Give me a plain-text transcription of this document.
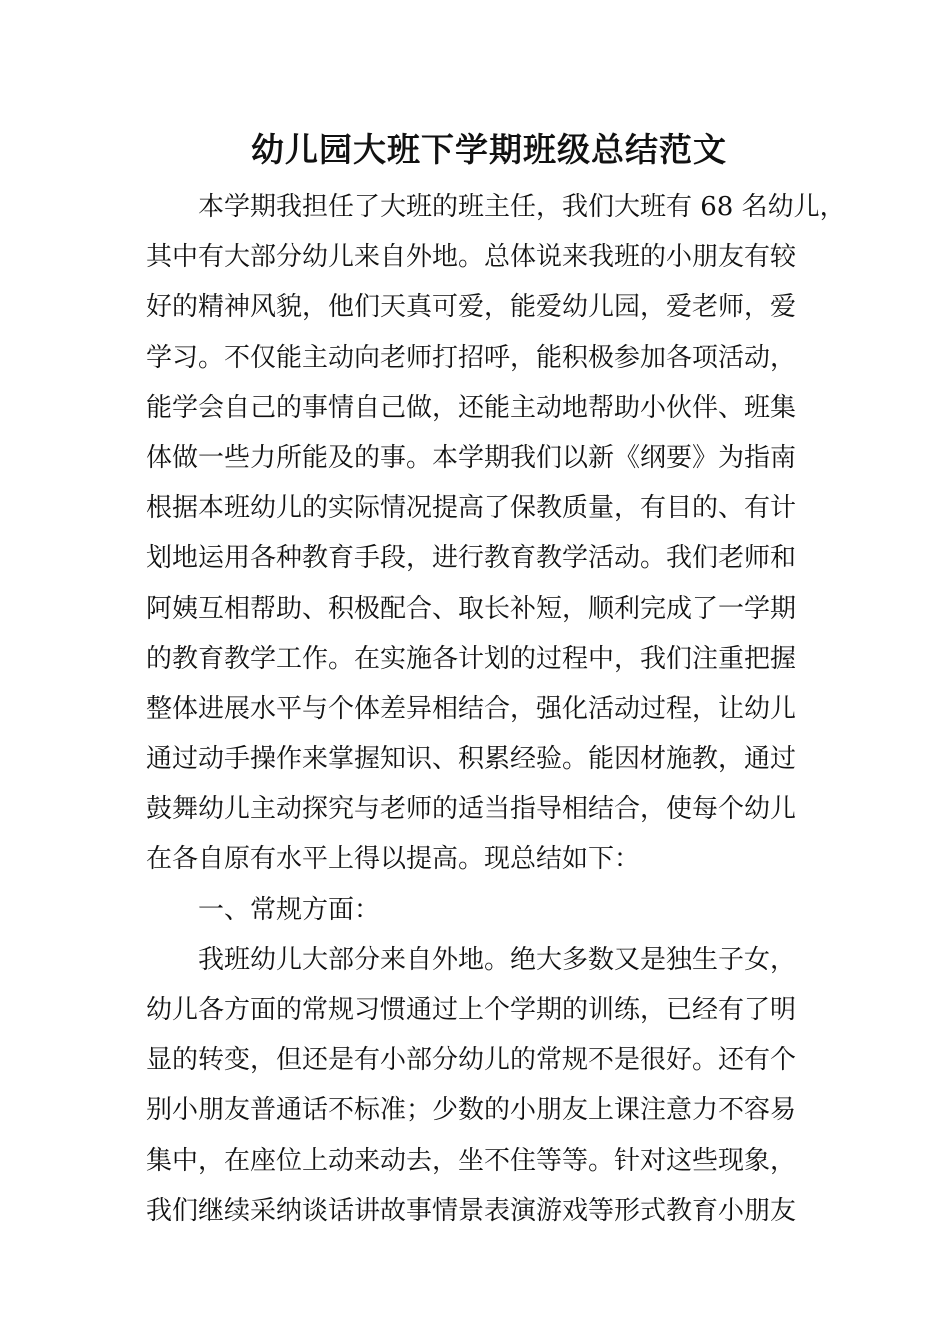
幼儿园大班下学期班级总结范文
本学期我担任了大班的班主任，我们大班有 68 名幼儿，
其中有大部分幼儿来自外地。总体说来我班的小朋友有较
好的精神风貌，他们天真可爱，能爱幼儿园，爱老师，爱
学习。不仅能主动向老师打招呼，能积极参加各项活动，
能学会自己的事情自己做，还能主动地帮助小伙伴、班集
体做一些力所能及的事。本学期我们以新《纲要》为指南
根据本班幼儿的实际情况提高了保教质量，有目的、有计
划地运用各种教育手段，进行教育教学活动。我们老师和
阿姨互相帮助、积极配合、取长补短，顺利完成了一学期
的教育教学工作。在实施各计划的过程中，我们注重把握
整体进展水平与个体差异相结合，强化活动过程，让幼儿
通过动手操作来掌握知识、积累经验。能因材施教，通过
鼓舞幼儿主动探究与老师的适当指导相结合，使每个幼儿
在各自原有水平上得以提高。现总结如下：
一、常规方面：
我班幼儿大部分来自外地。绝大多数又是独生子女，
幼儿各方面的常规习惯通过上个学期的训练，已经有了明
显的转变，但还是有小部分幼儿的常规不是很好。还有个
别小朋友普通话不标准；少数的小朋友上课注意力不容易
集中，在座位上动来动去，坐不住等等。针对这些现象，
我们继续采纳谈话讲故事情景表演游戏等形式教育小朋友
